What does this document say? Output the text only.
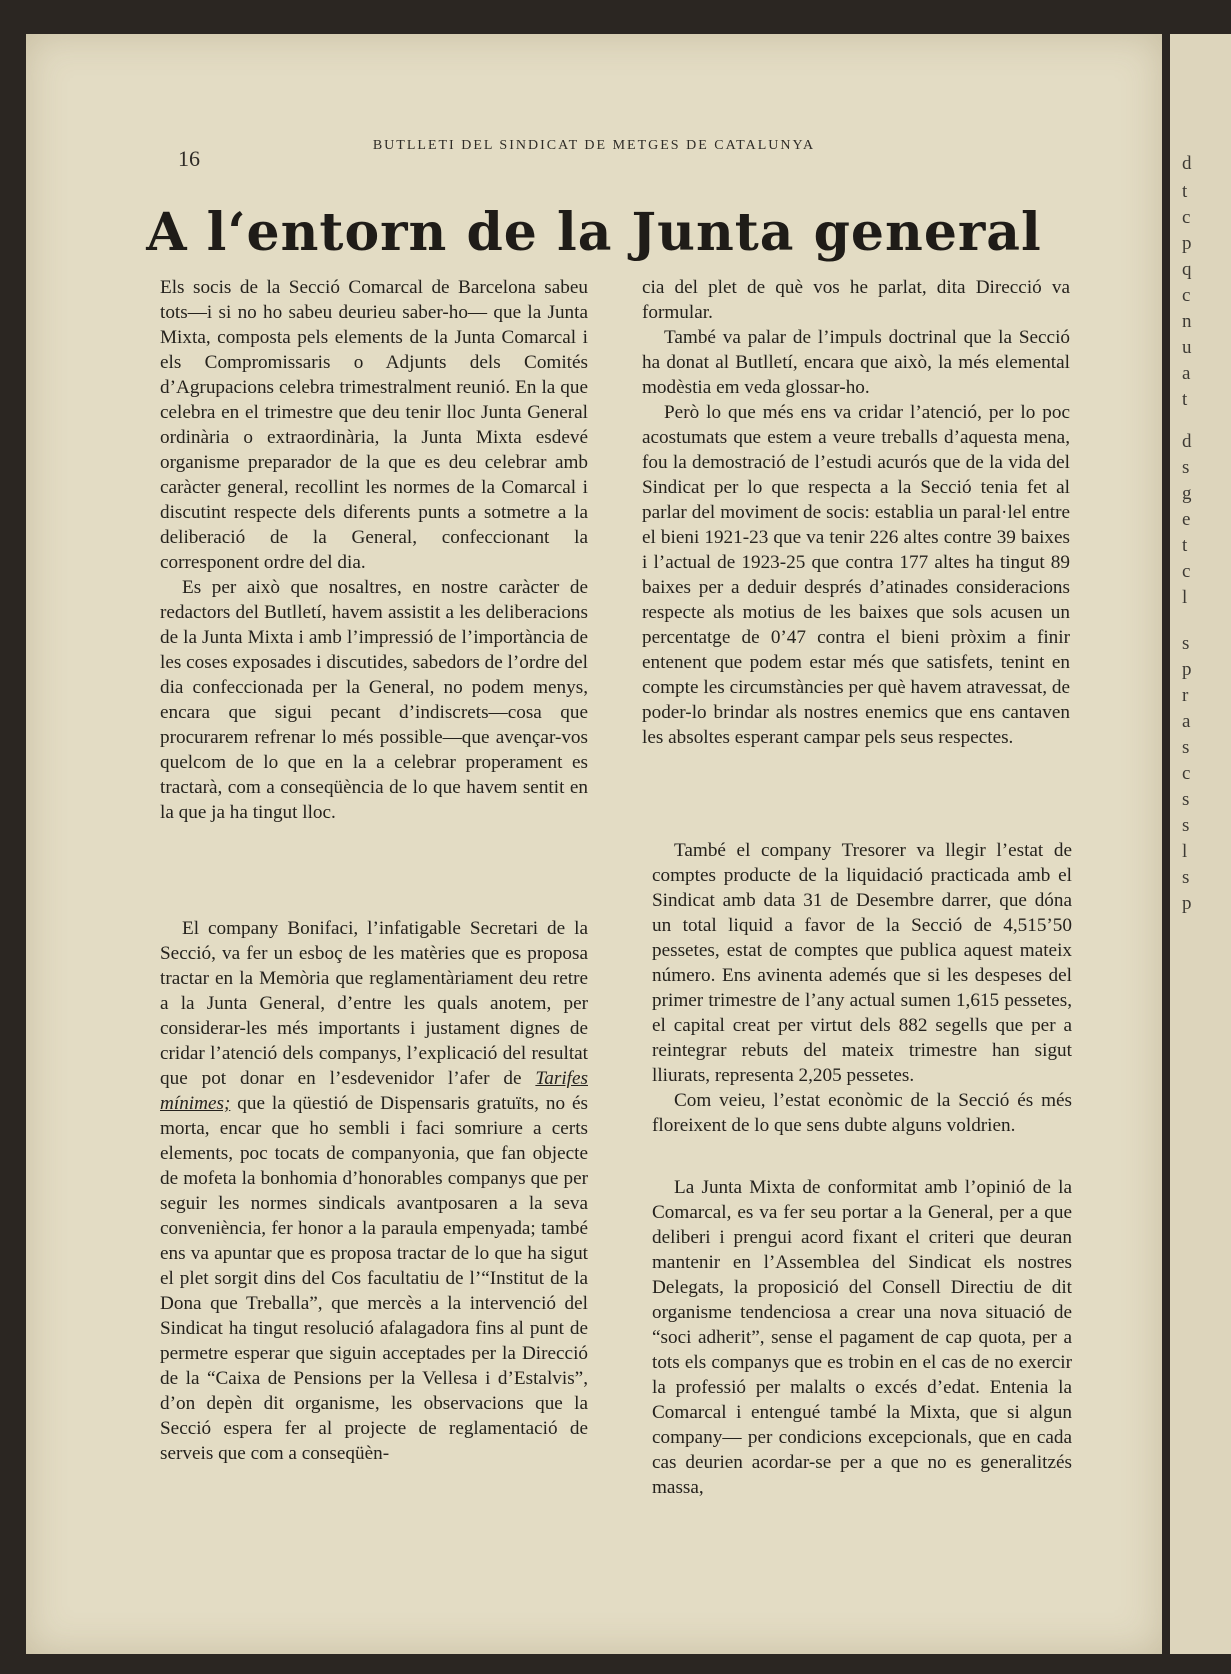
16
BUTLLETI DEL SINDICAT DE METGES DE CATALUNYA
A l‘entorn de la Junta general

Els socis de la Secció Comarcal de Barcelona sabeu tots—i si no ho sabeu deurieu saber-ho— que la Junta Mixta, composta pels elements de la Junta Comarcal i els Compromissaris o Adjunts dels Comités d’Agrupacions celebra trimestralment reunió. En la que celebra en el trimestre que deu tenir lloc Junta General ordinària o extraordinària, la Junta Mixta esdevé organisme preparador de la que es deu celebrar amb caràcter general, recollint les normes de la Comarcal i discutint respecte dels diferents punts a sotmetre a la deliberació de la General, confeccionant la corresponent ordre del dia.

Es per això que nosaltres, en nostre caràcter de redactors del Butlletí, havem assistit a les deliberacions de la Junta Mixta i amb l’impressió de l’importància de les coses exposades i discutides, sabedors de l’ordre del dia confeccionada per la General, no podem menys, encara que sigui pecant d’indiscrets—cosa que procurarem refrenar lo més possible—que avençar-vos quelcom de lo que en la a celebrar properament es tractarà, com a conseqüència de lo que havem sentit en la que ja ha tingut lloc.

El company Bonifaci, l’infatigable Secretari de la Secció, va fer un esboç de les matèries que es proposa tractar en la Memòria que reglamentàriament deu retre a la Junta General, d’entre les quals anotem, per considerar-les més importants i justament dignes de cridar l’atenció dels companys, l’explicació del resultat que pot donar en l’esdevenidor l’afer de Tarifes mínimes; que la qüestió de Dispensaris gratuïts, no és morta, encar que ho sembli i faci somriure a certs elements, poc tocats de companyonia, que fan objecte de mofeta la bonhomia d’honorables companys que per seguir les normes sindicals avantposaren a la seva conveniència, fer honor a la paraula empenyada; també ens va apuntar que es proposa tractar de lo que ha sigut el plet sorgit dins del Cos facultatiu de l’“Institut de la Dona que Treballa”, que mercès a la intervenció del Sindicat ha tingut resolució afalagadora fins al punt de permetre esperar que siguin acceptades per la Direcció de la “Caixa de Pensions per la Vellesa i d’Estalvis”, d’on depèn dit organisme, les observacions que la Secció espera fer al projecte de reglamentació de serveis que com a conseqüèn-

cia del plet de què vos he parlat, dita Direcció va formular.

També va palar de l’impuls doctrinal que la Secció ha donat al Butlletí, encara que això, la més elemental modèstia em veda glossar-ho.

Però lo que més ens va cridar l’atenció, per lo poc acostumats que estem a veure treballs d’aquesta mena, fou la demostració de l’estudi acurós que de la vida del Sindicat per lo que respecta a la Secció tenia fet al parlar del moviment de socis: establia un paral·lel entre el bieni 1921-23 que va tenir 226 altes contre 39 baixes i l’actual de 1923-25 que contra 177 altes ha tingut 89 baixes per a deduir després d’atinades consideracions respecte als motius de les baixes que sols acusen un percentatge de 0’47 contra el bieni pròxim a finir entenent que podem estar més que satisfets, tenint en compte les circumstàncies per què havem atravessat, de poder-lo brindar als nostres enemics que ens cantaven les absoltes esperant campar pels seus respectes.

També el company Tresorer va llegir l’estat de comptes producte de la liquidació practicada amb el Sindicat amb data 31 de Desembre darrer, que dóna un total liquid a favor de la Secció de 4,515’50 pessetes, estat de comptes que publica aquest mateix número. Ens avinenta ademés que si les despeses del primer trimestre de l’any actual sumen 1,615 pessetes, el capital creat per virtut dels 882 segells que per a reintegrar rebuts del mateix trimestre han sigut lliurats, representa 2,205 pessetes.

Com veieu, l’estat econòmic de la Secció és més floreixent de lo que sens dubte alguns voldrien.

La Junta Mixta de conformitat amb l’opinió de la Comarcal, es va fer seu portar a la General, per a que deliberi i prengui acord fixant el criteri que deuran mantenir en l’Assemblea del Sindicat els nostres Delegats, la proposició del Consell Directiu de dit organisme tendenciosa a crear una nova situació de “soci adherit”, sense el pagament de cap quota, per a tots els companys que es trobin en el cas de no exercir la professió per malalts o excés d’edat. Entenia la Comarcal i entengué també la Mixta, que si algun company— per condicions excepcionals, que en cada cas deurien acordar-se per a que no es generalitzés massa,

d
t
c
p
q
c
n
u
a
t
d
s
g
e
t
c
l
s
p
r
a
s
c
s
s
l
s
p
